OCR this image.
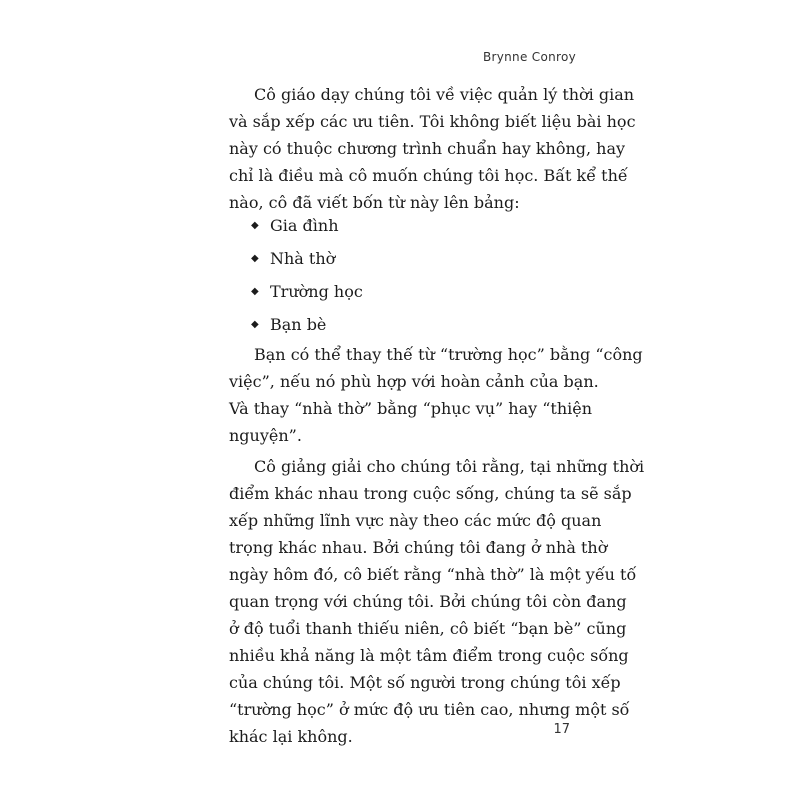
Brynne Conroy
Cô giáo dạy chúng tôi về việc quản lý thời gian
và sắp xếp các ưu tiên. Tôi không biết liệu bài học
này có thuộc chương trình chuẩn hay không, hay
chỉ là điều mà cô muốn chúng tôi học. Bất kể thế
nào, cô đã viết bốn từ này lên bảng:
◆ Gia đình
◆ Nhà thờ
◆ Trường học
◆ Bạn bè
Bạn có thể thay thế từ “trường học” bằng “công
việc”, nếu nó phù hợp với hoàn cảnh của bạn.
Và thay “nhà thờ” bằng “phục vụ” hay “thiện
nguyện”.
Cô giảng giải cho chúng tôi rằng, tại những thời
điểm khác nhau trong cuộc sống, chúng ta sẽ sắp
xếp những lĩnh vực này theo các mức độ quan
trọng khác nhau. Bởi chúng tôi đang ở nhà thờ
ngày hôm đó, cô biết rằng “nhà thờ” là một yếu tố
quan trọng với chúng tôi. Bởi chúng tôi còn đang
ở độ tuổi thanh thiếu niên, cô biết “bạn bè” cũng
nhiều khả năng là một tâm điểm trong cuộc sống
của chúng tôi. Một số người trong chúng tôi xếp
“trường học” ở mức độ ưu tiên cao, nhưng một số
khác lại không.	17
